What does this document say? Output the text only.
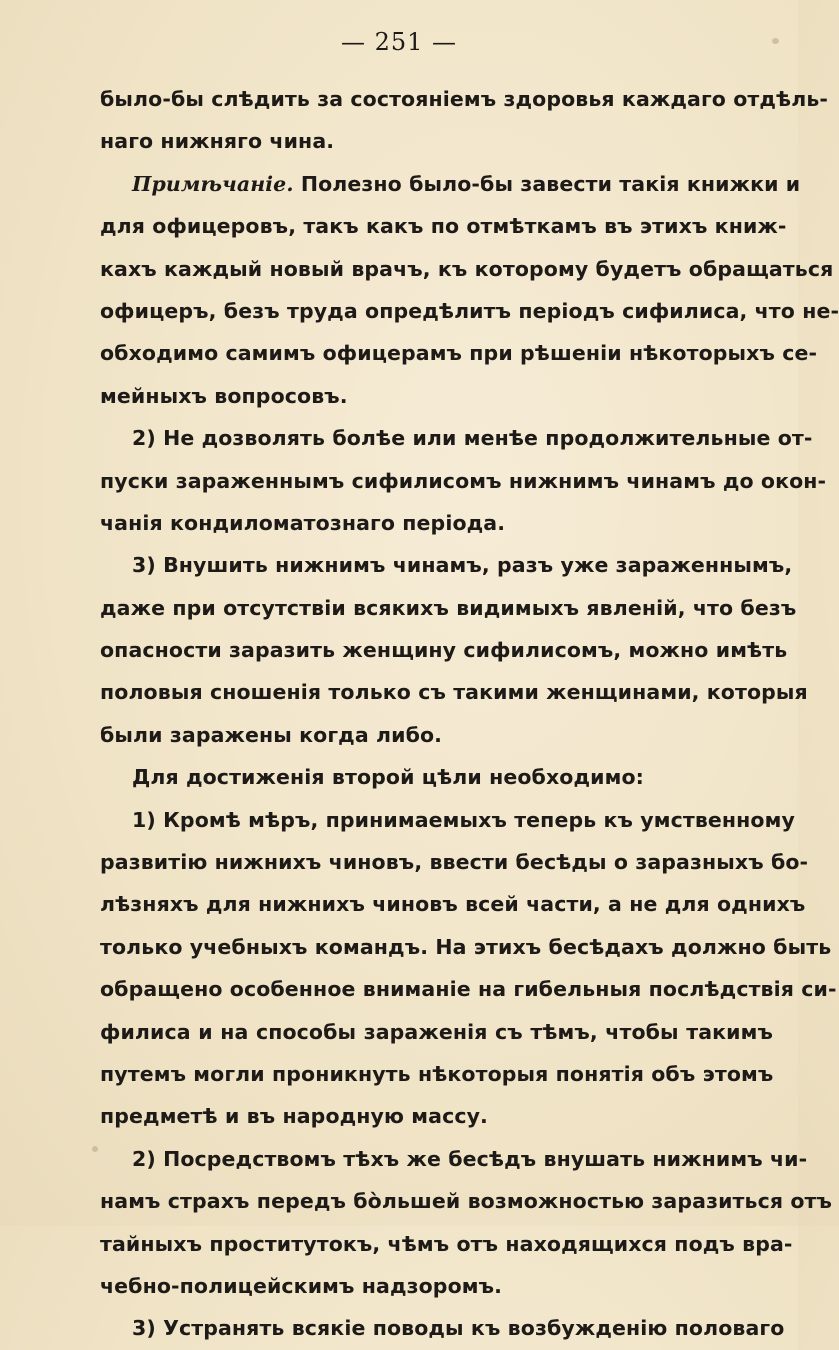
— 251 —
было-бы слѣдить за состояніемъ здоровья каждаго отдѣль-
наго нижняго чина.
Примѣчаніе. Полезно было-бы завести такія книжки и
для офицеровъ, такъ какъ по отмѣткамъ въ этихъ книж-
кахъ каждый новый врачъ, къ которому будетъ обращаться
офицеръ, безъ труда опредѣлитъ періодъ сифилиса, что не-
обходимо самимъ офицерамъ при рѣшеніи нѣкоторыхъ се-
мейныхъ вопросовъ.
2) Не дозволять болѣе или менѣе продолжительные от-
пуски зараженнымъ сифилисомъ нижнимъ чинамъ до окон-
чанія кондиломатознаго періода.
3) Внушить нижнимъ чинамъ, разъ уже зараженнымъ,
даже при отсутствіи всякихъ видимыхъ явленій, что безъ
опасности заразить женщину сифилисомъ, можно имѣть
половыя сношенія только съ такими женщинами, которыя
были заражены когда либо.
Для достиженія второй цѣли необходимо:
1) Кромѣ мѣръ, принимаемыхъ теперь къ умственному
развитію нижнихъ чиновъ, ввести бесѣды о заразныхъ бо-
лѣзняхъ для нижнихъ чиновъ всей части, а не для однихъ
только учебныхъ командъ. На этихъ бесѣдахъ должно быть
обращено особенное вниманіе на гибельныя послѣдствія си-
филиса и на способы зараженія съ тѣмъ, чтобы такимъ
путемъ могли проникнуть нѣкоторыя понятія объ этомъ
предметѣ и въ народную массу.
2) Посредствомъ тѣхъ же бесѣдъ внушать нижнимъ чи-
намъ страхъ передъ бо̀льшей возможностью заразиться отъ
тайныхъ проститутокъ, чѣмъ отъ находящихся подъ вра-
чебно-полицейскимъ надзоромъ.
3) Устранять всякіе поводы къ возбужденію половаго
